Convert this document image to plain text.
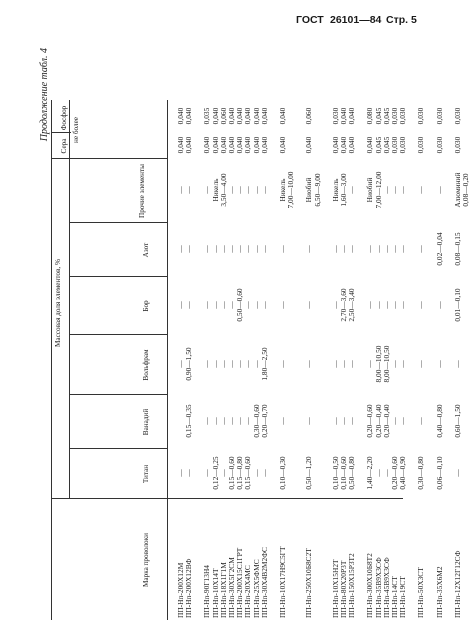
ГОСТ 26101—84 Стр. 5
Продолжение табл. 4
Марка проволоки
Массовая доля элементов, %
Титан
Ванадий
Вольфрам
Бор
Азот
Прочие элементы
Сера
Фосфор не более
ПП-Нп-200Х12М ПП-Нп-200Х12ВФ
— —
0,15—0,35
— 0,90—1,50
— —
— —
— —
0,040 0,040
0,040 0,040
ПП-Нп-90Г13Н4 ПП-Нп-10Х14Т ПП-Нп-18Х1Г1М ПП-Нп-30Х5Г2СМ ПП-Нп-200Х15С1ГРТ ПП-Нп-20Х4МС ПП-Нп-25Х5ФМС ПП-Нп-30Х4В2М2ФС
— 0,12—0,25 — 0,15—0,60 0,15—0,80 0,15—0,60 — —
— — — — — — 0,30—0,60 0,20—0,70
— — — — — — — 1,80—2,50
— — — — 0,50—0,60 — — —
— — — — — — — —
— Никель 3,50—4,00 — — — — —
0,040 0,040 0,040 0,040 0,040 0,040 0,040 0,040
0,035 0,040 0,060 0,040 0,040 0,040 0,040 0,040
ПП-Нп-10Х17Н9С5ГТ
0,10—0,30
—
—
—
—
Никель 7,00—10,00
0,040
0,040
ПП-Нп-250Х10Б8С2Т
0,50—1,20
—
—
—
—
Ниобий 6,50—9,00
0,040
0,060
ПП-Нп-10Х15Н2Т ПП-Нп-80Х20Р3Т ПП-Нп-150Х15Р3Т2
0,10—0,50 0,10—0,60 0,50—0,80
— — —
— — —
— 2,70—3,60 2,50—3,40
— — —
Никель 1,60—3,00 —
0,040 0,040 0,040
0,030 0,040 0,040
ПП-Нп-300Х10Б8Т2 ПП-Нп-35В9Х3СФ ПП-Нп-45В9Х3СФ ПП-Нп-14СТ ПП-Нп-19СТ
1,40—2,20 — — 0,20—0,60 0,40—0,90
0,20—0,60 0,20—0,40 0,20—0,40 — —
— 8,00—10,50 8,00—10,50 — —
— — — — —
— — — — —
Ниобий 7,00—12,00 — — —
0,040 0,045 0,045 0,030 0,030
0,080 0,045 0,045 0,030 0,030
ПП-Нп-50Х3СТ
0,30—0,80
—
—
—
—
—
0,030
0,030
ПП-Нп-35Х6М2
0,06—0,10
0,40—0,80
—
—
0,02—0,04
—
0,030
0,030
ПП-Нп-12Х12Г12СФ
—
0,60—1,50
—
0,01—0,10
0,08—0,15
Алюминий 0,08—0,20
0,030
0,030
